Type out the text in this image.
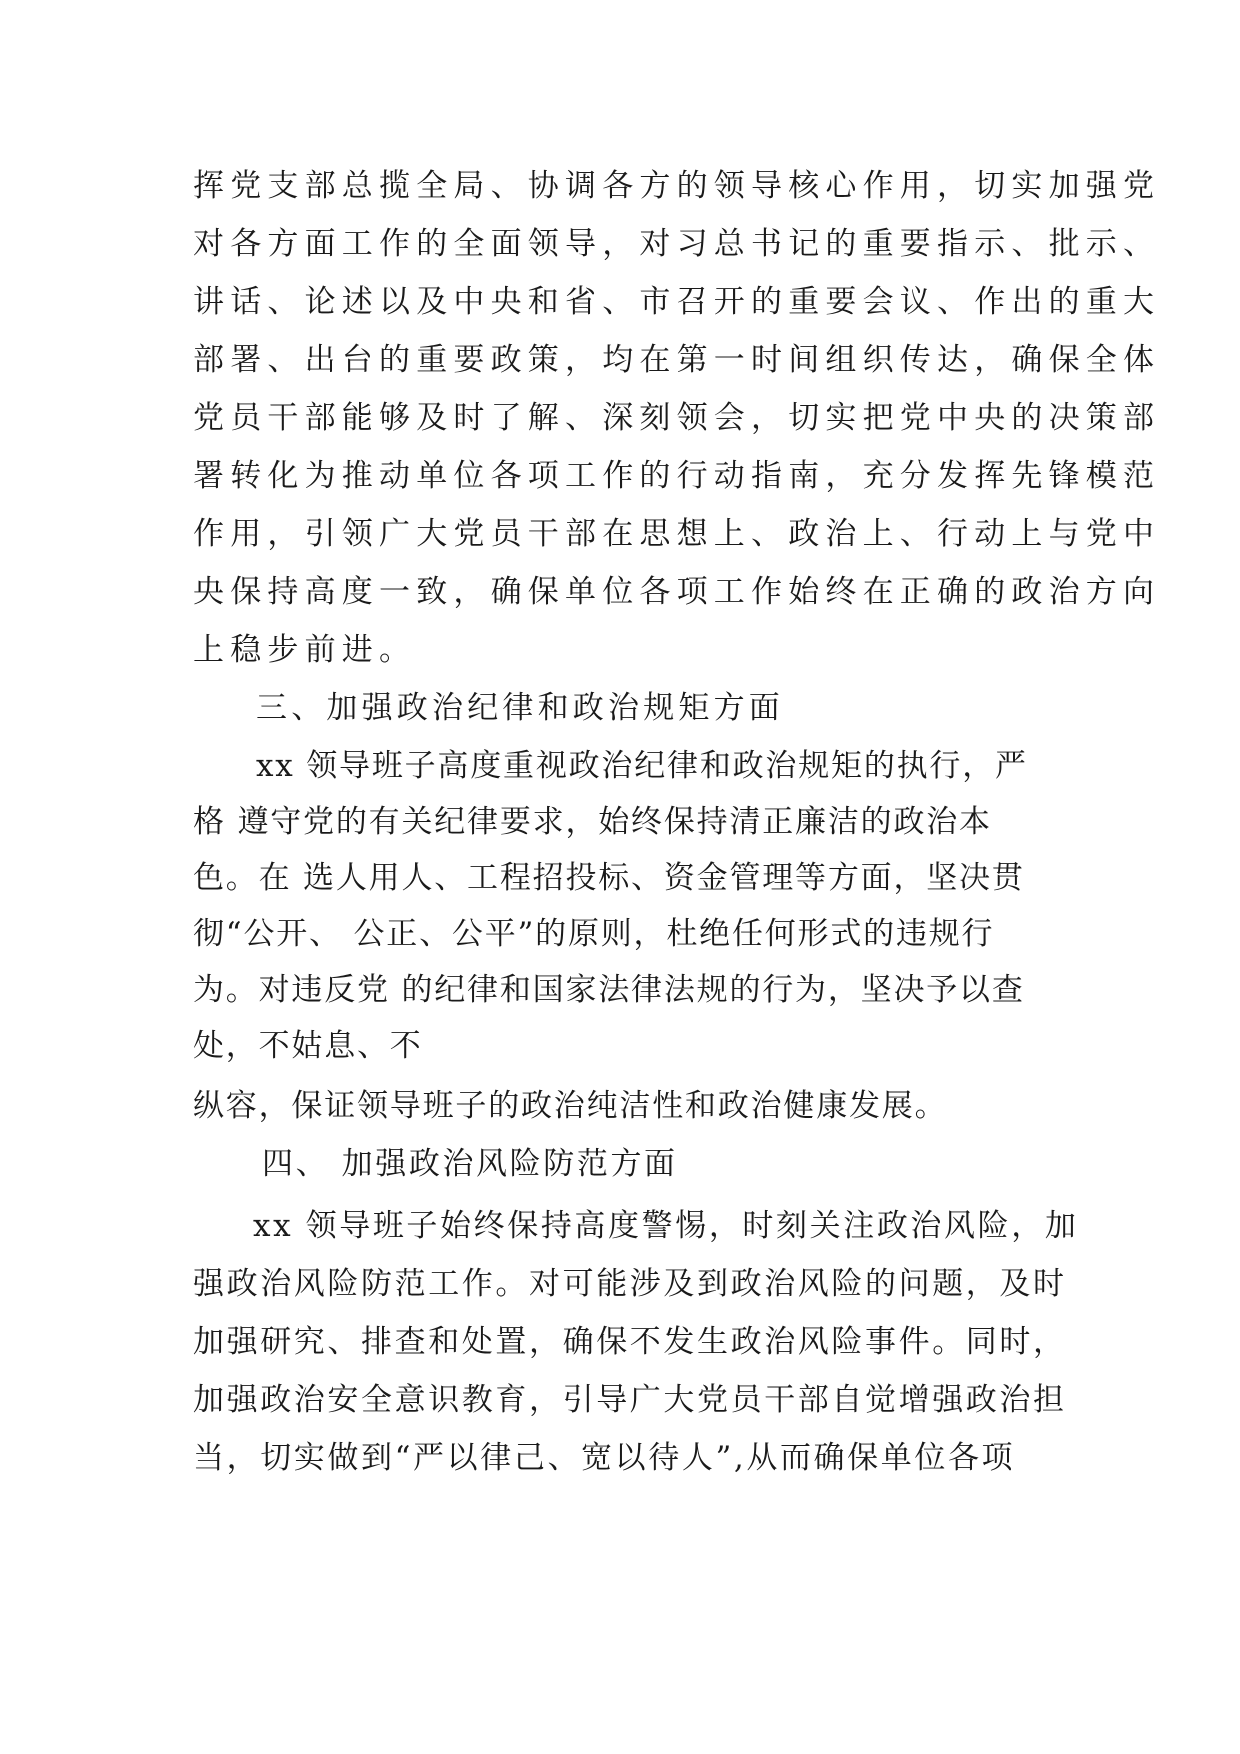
挥党支部总揽全局、协调各方的领导核心作用，切实加强党
对各方面工作的全面领导，对习总书记的重要指示、批示、
讲话、论述以及中央和省、市召开的重要会议、作出的重大
部署、出台的重要政策，均在第一时间组织传达，确保全体
党员干部能够及时了解、深刻领会，切实把党中央的决策部
署转化为推动单位各项工作的行动指南，充分发挥先锋模范
作用，引领广大党员干部在思想上、政治上、行动上与党中
央保持高度一致，确保单位各项工作始终在正确的政治方向
上稳步前进。
三、加强政治纪律和政治规矩方面
xx 领导班子高度重视政治纪律和政治规矩的执行，严
格 遵守党的有关纪律要求，始终保持清正廉洁的政治本
色。在 选人用人、工程招投标、资金管理等方面，坚决贯
彻“公开、 公正、公平”的原则，杜绝任何形式的违规行
为。对违反党 的纪律和国家法律法规的行为，坚决予以查
处，不姑息、不
纵容，保证领导班子的政治纯洁性和政治健康发展。
四、 加强政治风险防范方面
xx 领导班子始终保持高度警惕，时刻关注政治风险，加
强政治风险防范工作。对可能涉及到政治风险的问题，及时
加强研究、排查和处置，确保不发生政治风险事件。同时，
加强政治安全意识教育，引导广大党员干部自觉增强政治担
当，切实做到“严以律己、宽以待人”,从而确保单位各项
